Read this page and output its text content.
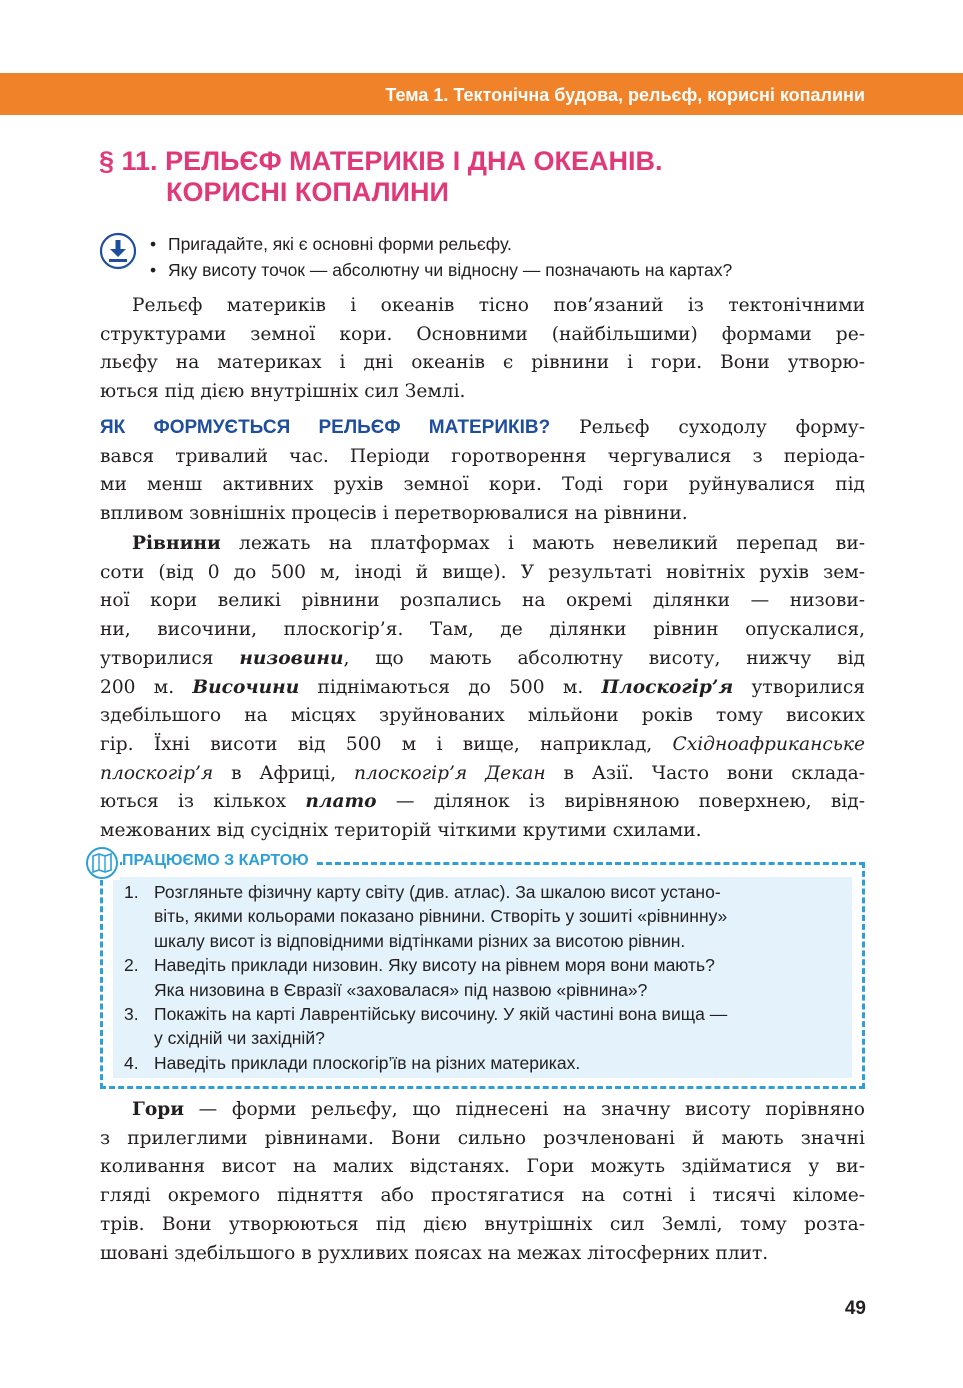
Тема 1. Тектонічна будова, рельєф, корисні копалини
§ 11. РЕЛЬЄФ МАТЕРИКІВ І ДНА ОКЕАНІВ.
КОРИСНІ КОПАЛИНИ
• Пригадайте, які є основні форми рельєфу.
• Яку висоту точок — абсолютну чи відносну — позначають на картах?
Рельєф материків і океанів тісно пов’язаний із тектонічними
структурами земної кори. Основними (найбільшими) формами ре-
льєфу на материках і дні океанів є рівнини і гори. Вони утворю-
ються під дією внутрішніх сил Землі.
ЯК ФОРМУЄТЬСЯ РЕЛЬЄФ МАТЕРИКІВ? Рельєф суходолу форму-
вався тривалий час. Періоди горотворення чергувалися з періода-
ми менш активних рухів земної кори. Тоді гори руйнувалися під
впливом зовнішніх процесів і перетворювалися на рівнини.
Рівнини лежать на платформах і мають невеликий перепад ви-
соти (від 0 до 500 м, іноді й вище). У результаті новітніх рухів зем-
ної кори великі рівнини розпались на окремі ділянки — низови-
ни, височини, плоскогір’я. Там, де ділянки рівнин опускалися,
утворилися низовини, що мають абсолютну висоту, нижчу від
200 м. Височини піднімаються до 500 м. Плоскогір’я утворилися
здебільшого на місцях зруйнованих мільйони років тому високих
гір. Їхні висоти від 500 м і вище, наприклад, Східноафриканське
плоскогір’я в Африці, плоскогір’я Декан в Азії. Часто вони склада-
ються із кількох плато — ділянок із вирівняною поверхнею, від-
межованих від сусідніх територій чіткими крутими схилами.
ПРАЦЮЄМО З КАРТОЮ
1. Розгляньте фізичну карту світу (див. атлас). За шкалою висот устано-
віть, якими кольорами показано рівнини. Створіть у зошиті «рівнинну»
шкалу висот із відповідними відтінками різних за висотою рівнин.
2. Наведіть приклади низовин. Яку висоту на рівнем моря вони мають?
Яка низовина в Євразії «заховалася» під назвою «рівнина»?
3. Покажіть на карті Лаврентійську височину. У якій частині вона вища —
у східній чи західній?
4. Наведіть приклади плоскогір’їв на різних материках.
Гори — форми рельєфу, що піднесені на значну висоту порівняно
з прилеглими рівнинами. Вони сильно розчленовані й мають значні
коливання висот на малих відстанях. Гори можуть здійматися у ви-
гляді окремого підняття або простягатися на сотні і тисячі кіломе-
трів. Вони утворюються під дією внутрішніх сил Землі, тому розта-
шовані здебільшого в рухливих поясах на межах літосферних плит.
49
